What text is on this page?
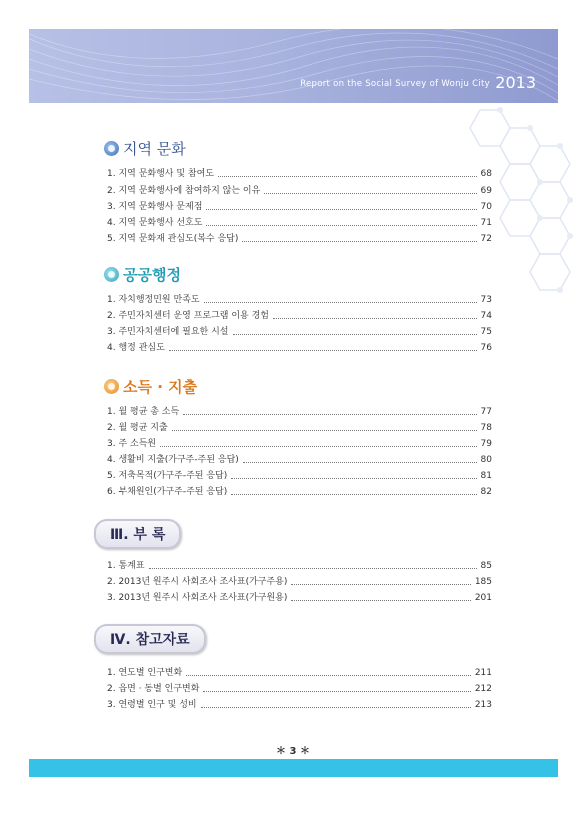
Report on the Social Survey of Wonju City 2013
지역 문화
1. 지역 문화행사 및 참여도	68
2. 지역 문화행사에 참여하지 않는 이유	69
3. 지역 문화행사 문제점	70
4. 지역 문화행사 선호도	71
5. 지역 문화재 관심도(복수 응답)	72
공공행정
1. 자치행정민원 만족도	73
2. 주민자치센터 운영 프로그램 이용 경험	74
3. 주민자치센터에 필요한 시설	75
4. 행정 관심도	76
소득 · 지출
1. 월 평균 총 소득	77
2. 월 평균 지출	78
3. 주 소득원	79
4. 생활비 지출(가구주-주된 응답)	80
5. 저축목적(가구주-주된 응답)	81
6. 부채원인(가구주-주된 응답)	82
Ⅲ. 부 록
1. 통계표	85
2. 2013년 원주시 사회조사 조사표(가구주용)	185
3. 2013년 원주시 사회조사 조사표(가구원용)	201
Ⅳ. 참고자료
1. 연도별 인구변화	211
2. 읍면 · 동별 인구변화	212
3. 연령별 인구 및 성비	213
＊ 3 ＊
